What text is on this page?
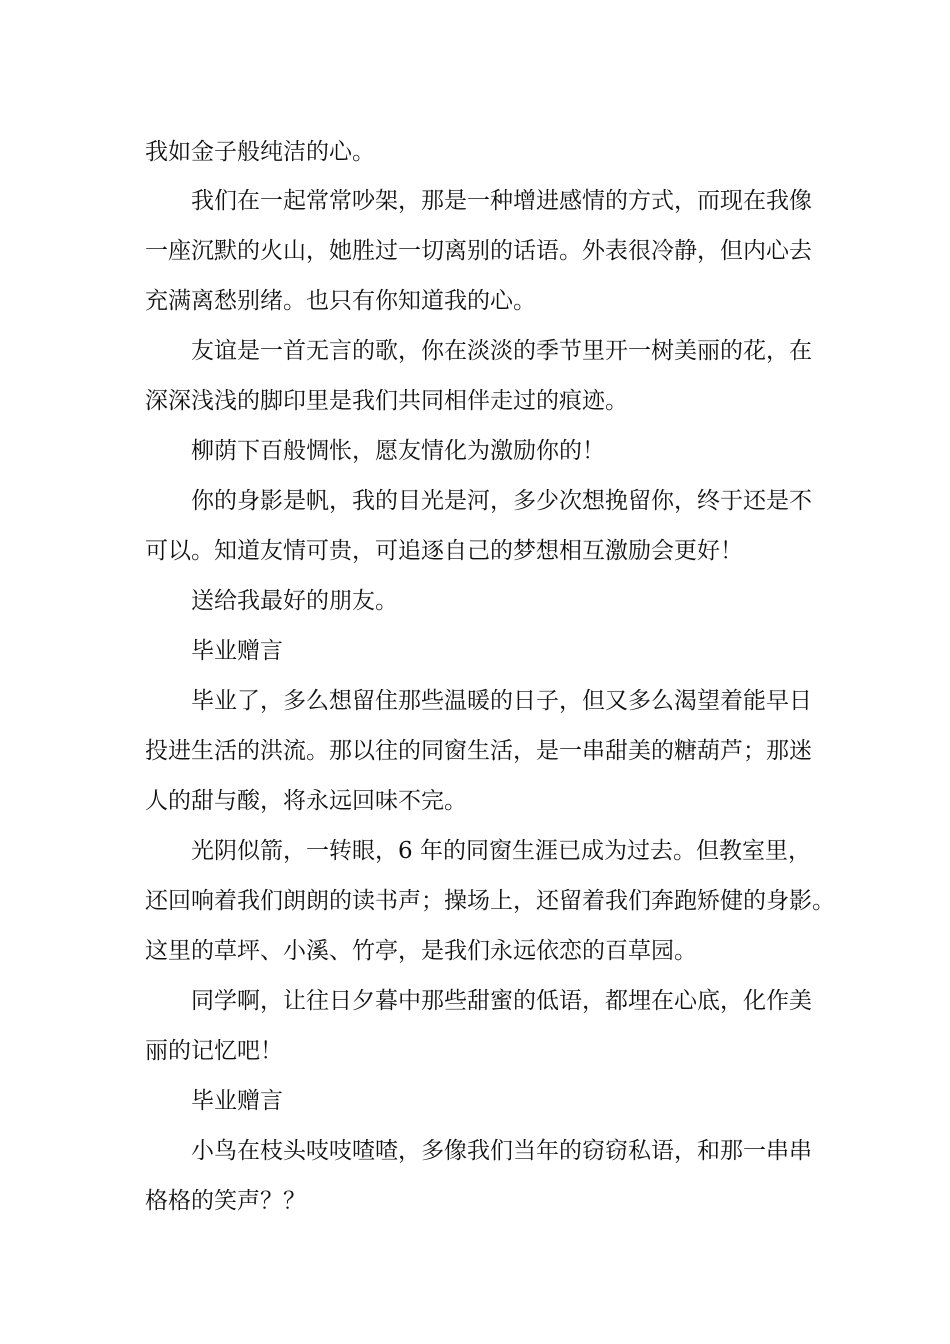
我如金子般纯洁的心。
我们在一起常常吵架，那是一种增进感情的方式，而现在我像
一座沉默的火山，她胜过一切离别的话语。外表很冷静，但内心去
充满离愁别绪。也只有你知道我的心。
友谊是一首无言的歌，你在淡淡的季节里开一树美丽的花，在
深深浅浅的脚印里是我们共同相伴走过的痕迹。
柳荫下百般惆怅，愿友情化为激励你的！
你的身影是帆，我的目光是河，多少次想挽留你，终于还是不
可以。知道友情可贵，可追逐自己的梦想相互激励会更好！
送给我最好的朋友。
毕业赠言
毕业了，多么想留住那些温暖的日子，但又多么渴望着能早日
投进生活的洪流。那以往的同窗生活，是一串甜美的糖葫芦；那迷
人的甜与酸，将永远回味不完。
光阴似箭，一转眼，6 年的同窗生涯已成为过去。但教室里，
还回响着我们朗朗的读书声；操场上，还留着我们奔跑矫健的身影。
这里的草坪、小溪、竹亭，是我们永远依恋的百草园。
同学啊，让往日夕暮中那些甜蜜的低语，都埋在心底，化作美
丽的记忆吧！
毕业赠言
小鸟在枝头吱吱喳喳，多像我们当年的窃窃私语，和那一串串
格格的笑声？？
